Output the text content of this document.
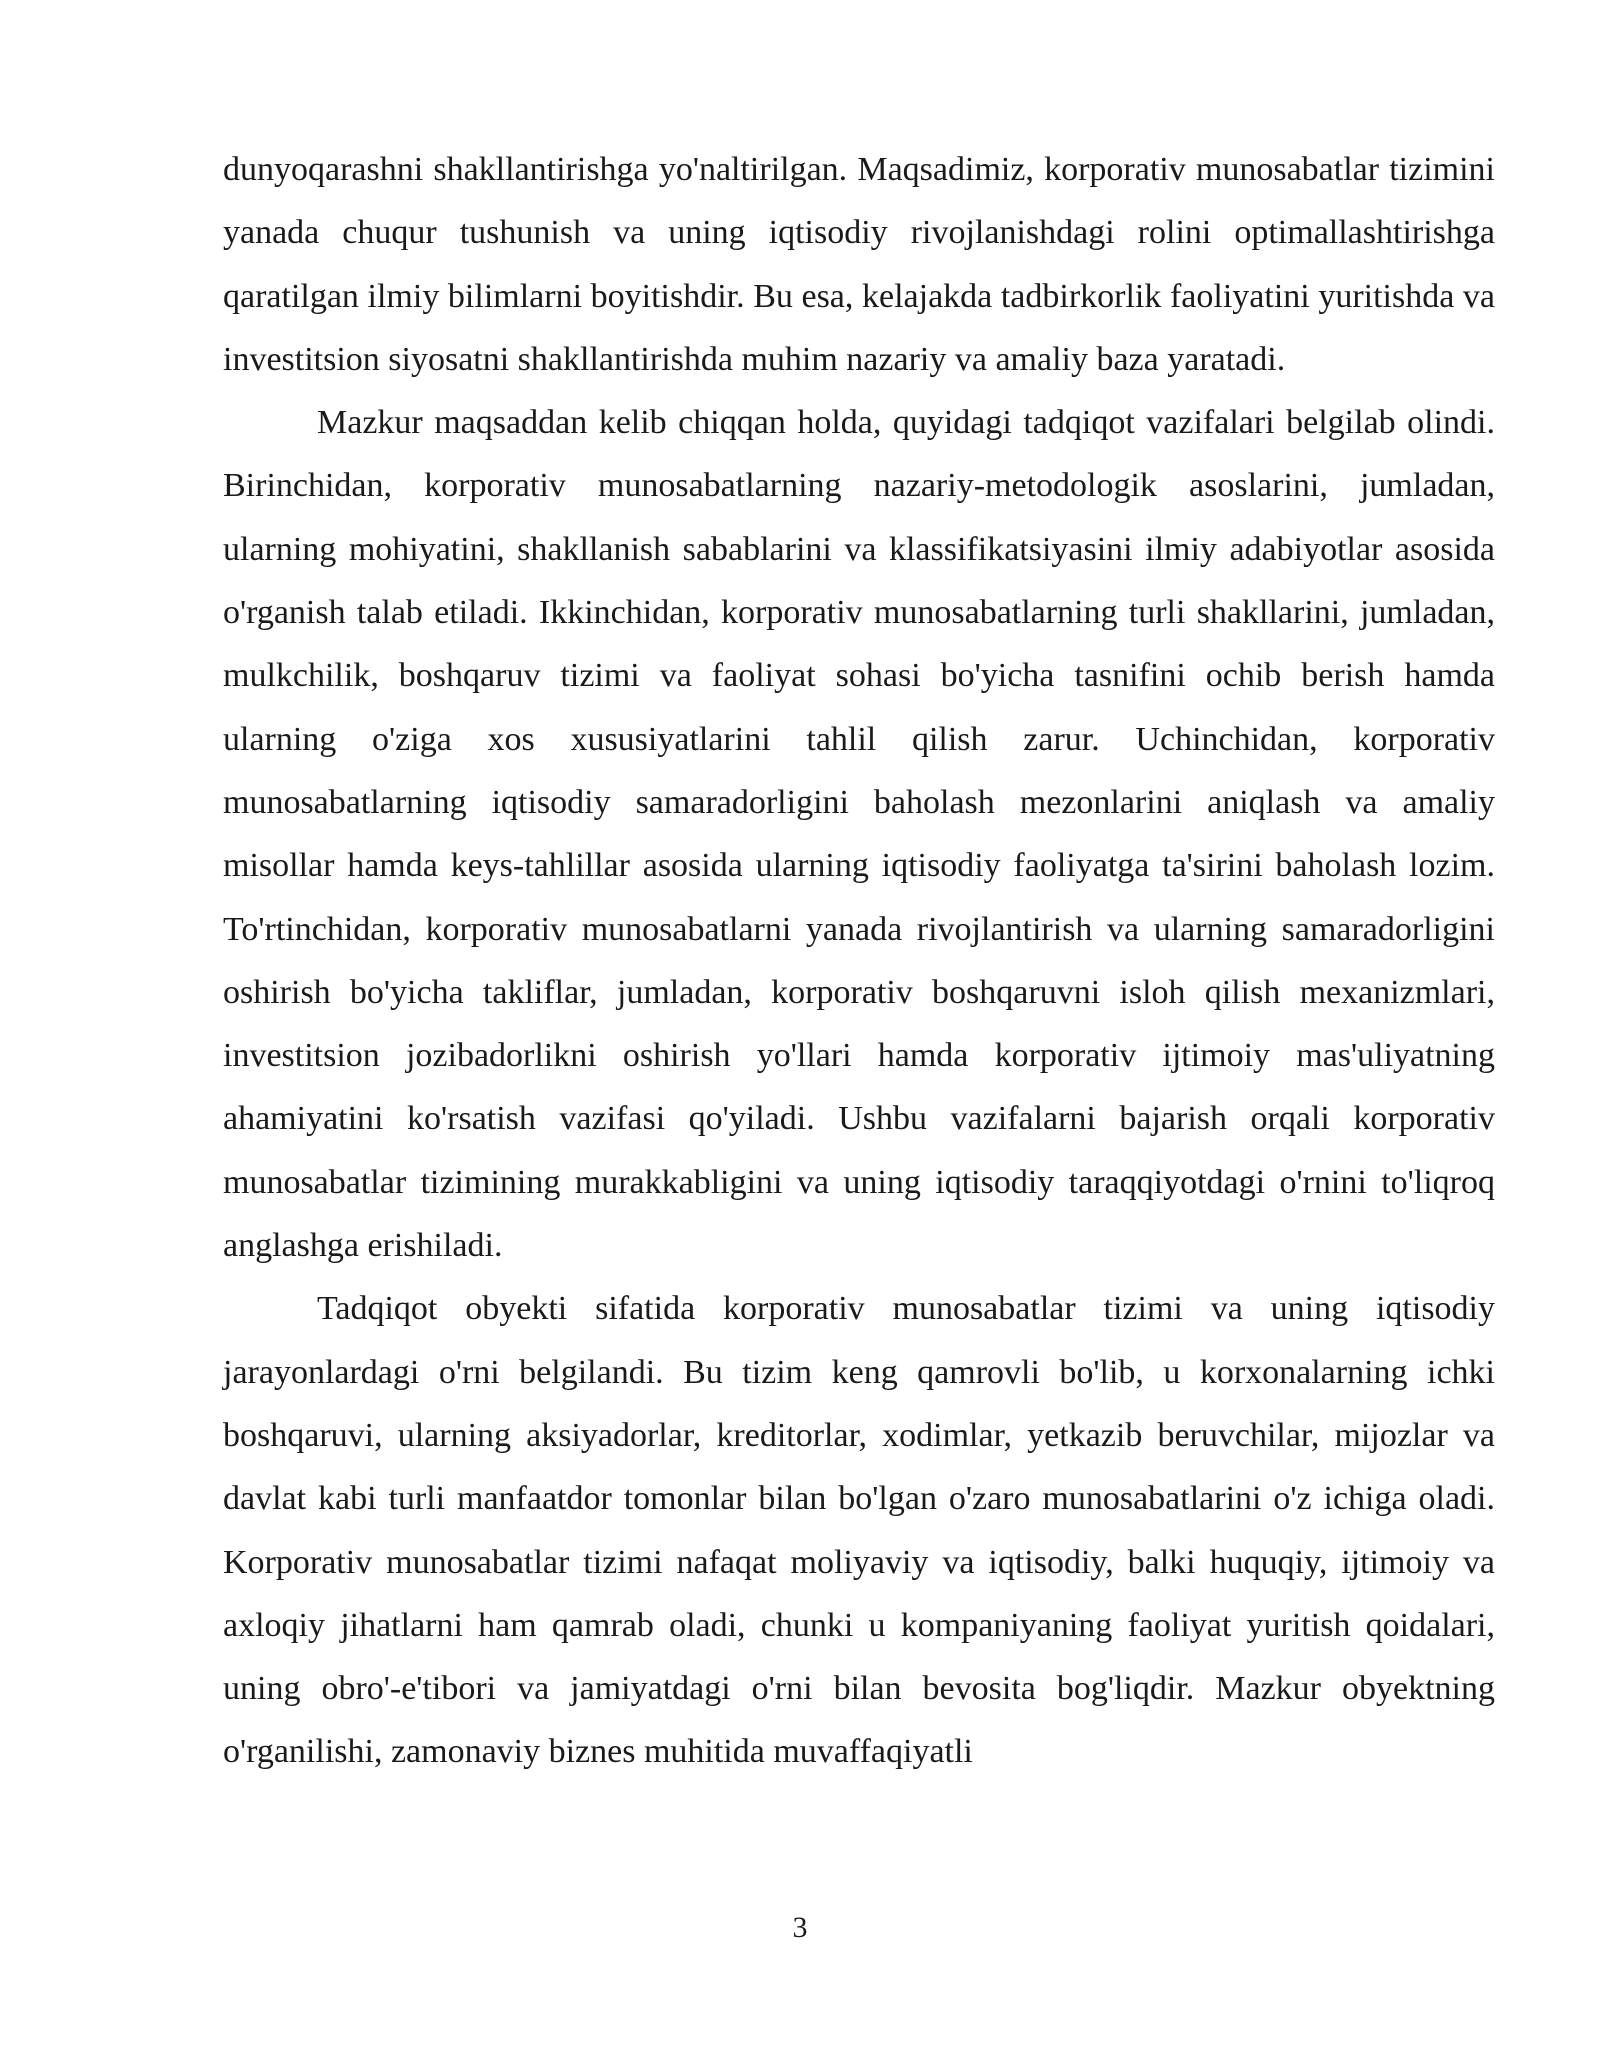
dunyoqarashni shakllantirishga yo'naltirilgan. Maqsadimiz, korporativ munosabatlar tizimini yanada chuqur tushunish va uning iqtisodiy rivojlanishdagi rolini optimallashtirishga qaratilgan ilmiy bilimlarni boyitishdir. Bu esa, kelajakda tadbirkorlik faoliyatini yuritishda va investitsion siyosatni shakllantirishda muhim nazariy va amaliy baza yaratadi.

Mazkur maqsaddan kelib chiqqan holda, quyidagi tadqiqot vazifalari belgilab olindi. Birinchidan, korporativ munosabatlarning nazariy-metodologik asoslarini, jumladan, ularning mohiyatini, shakllanish sabablarini va klassifikatsiyasini ilmiy adabiyotlar asosida o'rganish talab etiladi. Ikkinchidan, korporativ munosabatlarning turli shakllarini, jumladan, mulkchilik, boshqaruv tizimi va faoliyat sohasi bo'yicha tasnifini ochib berish hamda ularning o'ziga xos xususiyatlarini tahlil qilish zarur. Uchinchidan, korporativ munosabatlarning iqtisodiy samaradorligini baholash mezonlarini aniqlash va amaliy misollar hamda keys-tahlillar asosida ularning iqtisodiy faoliyatga ta'sirini baholash lozim. To'rtinchidan, korporativ munosabatlarni yanada rivojlantirish va ularning samaradorligini oshirish bo'yicha takliflar, jumladan, korporativ boshqaruvni isloh qilish mexanizmlari, investitsion jozibadorlikni oshirish yo'llari hamda korporativ ijtimoiy mas'uliyatning ahamiyatini ko'rsatish vazifasi qo'yiladi. Ushbu vazifalarni bajarish orqali korporativ munosabatlar tizimining murakkabligini va uning iqtisodiy taraqqiyotdagi o'rnini to'liqroq anglashga erishiladi.

Tadqiqot obyekti sifatida korporativ munosabatlar tizimi va uning iqtisodiy jarayonlardagi o'rni belgilandi. Bu tizim keng qamrovli bo'lib, u korxonalarning ichki boshqaruvi, ularning aksiyadorlar, kreditorlar, xodimlar, yetkazib beruvchilar, mijozlar va davlat kabi turli manfaatdor tomonlar bilan bo'lgan o'zaro munosabatlarini o'z ichiga oladi. Korporativ munosabatlar tizimi nafaqat moliyaviy va iqtisodiy, balki huquqiy, ijtimoiy va axloqiy jihatlarni ham qamrab oladi, chunki u kompaniyaning faoliyat yuritish qoidalari, uning obro'-e'tibori va jamiyatdagi o'rni bilan bevosita bog'liqdir. Mazkur obyektning o'rganilishi, zamonaviy biznes muhitida muvaffaqiyatli

3
